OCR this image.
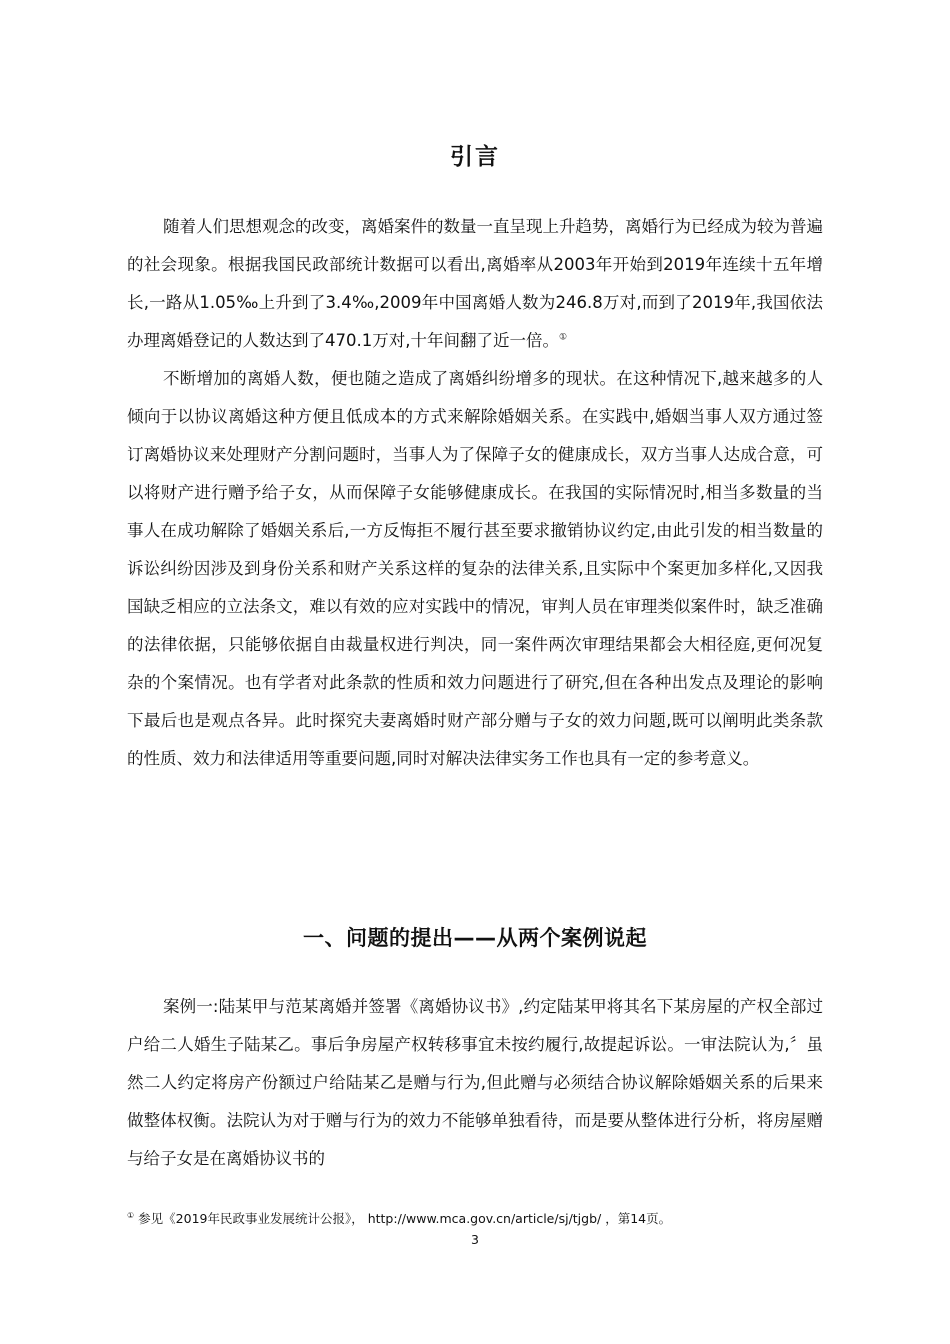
引言

随着人们思想观念的改变，离婚案件的数量一直呈现上升趋势，离婚行为已经成为较为普遍的社会现象。根据我国民政部统计数据可以看出,离婚率从2003年开始到2019年连续十五年增长,一路从1.05‰上升到了3.4‰,2009年中国离婚人数为246.8万对,而到了2019年,我国依法办理离婚登记的人数达到了470.1万对,十年间翻了近一倍。①

不断增加的离婚人数，便也随之造成了离婚纠纷增多的现状。在这种情况下,越来越多的人倾向于以协议离婚这种方便且低成本的方式来解除婚姻关系。在实践中,婚姻当事人双方通过签订离婚协议来处理财产分割问题时，当事人为了保障子女的健康成长，双方当事人达成合意，可以将财产进行赠予给子女，从而保障子女能够健康成长。在我国的实际情况时,相当多数量的当事人在成功解除了婚姻关系后,一方反悔拒不履行甚至要求撤销协议约定,由此引发的相当数量的诉讼纠纷因涉及到身份关系和财产关系这样的复杂的法律关系,且实际中个案更加多样化,又因我国缺乏相应的立法条文，难以有效的应对实践中的情况，审判人员在审理类似案件时，缺乏准确的法律依据，只能够依据自由裁量权进行判决，同一案件两次审理结果都会大相径庭,更何况复杂的个案情况。也有学者对此条款的性质和效力问题进行了研究,但在各种出发点及理论的影响下最后也是观点各异。此时探究夫妻离婚时财产部分赠与子女的效力问题,既可以阐明此类条款的性质、效力和法律适用等重要问题,同时对解决法律实务工作也具有一定的参考意义。

一、问题的提出——从两个案例说起

案例一:陆某甲与范某离婚并签署《离婚协议书》,约定陆某甲将其名下某房屋的产权全部过户给二人婚生子陆某乙。事后争房屋产权转移事宜未按约履行,故提起诉讼。一审法院认为,〞虽然二人约定将房产份额过户给陆某乙是赠与行为,但此赠与必须结合协议解除婚姻关系的后果来做整体权衡。法院认为对于赠与行为的效力不能够单独看待，而是要从整体进行分析，将房屋赠与给子女是在离婚协议书的

① 参见《2019年民政事业发展统计公报》， http://www.mca.gov.cn/article/sj/tjgb/ ，第14页。
3
